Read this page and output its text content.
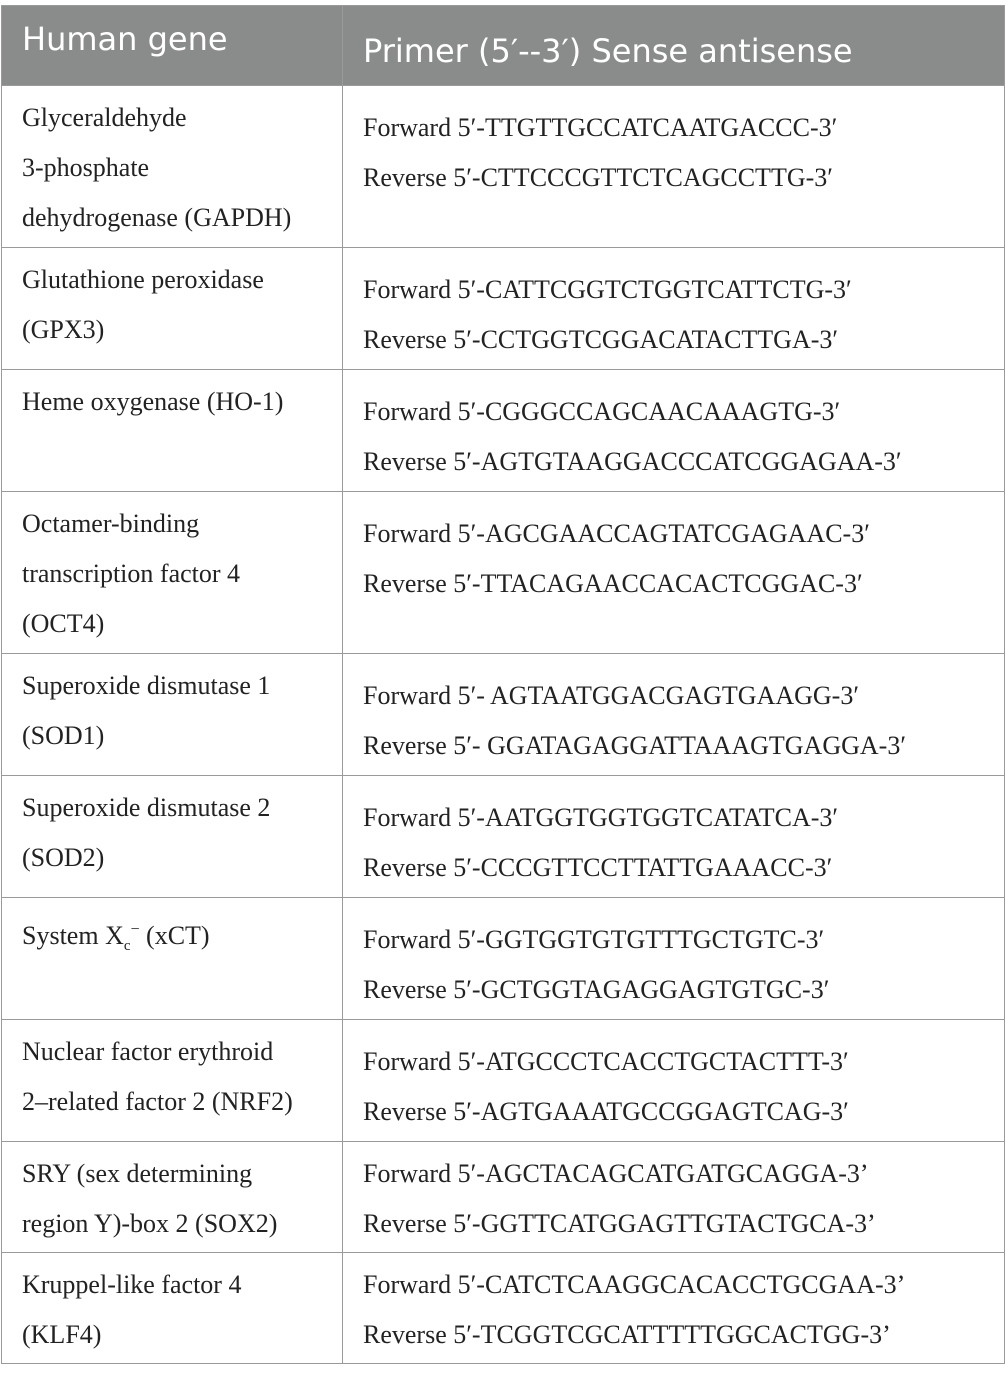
Human gene	Primer (5′--3′) Sense antisense

Glyceraldehyde
3-phosphate
dehydrogenase (GAPDH)	Forward 5′-TTGTTGCCATCAATGACCC-3′
Reverse 5′-CTTCCCGTTCTCAGCCTTG-3′

Glutathione peroxidase
(GPX3)	Forward 5′-CATTCGGTCTGGTCATTCTG-3′
Reverse 5′-CCTGGTCGGACATACTTGA-3′

Heme oxygenase (HO-1)	Forward 5′-CGGGCCAGCAACAAAGTG-3′
Reverse 5′-AGTGTAAGGACCCATCGGAGAA-3′

Octamer-binding
transcription factor 4
(OCT4)	Forward 5′-AGCGAACCAGTATCGAGAAC-3′
Reverse 5′-TTACAGAACCACACTCGGAC-3′

Superoxide dismutase 1
(SOD1)	Forward 5′- AGTAATGGACGAGTGAAGG-3′
Reverse 5′- GGATAGAGGATTAAAGTGAGGA-3′

Superoxide dismutase 2
(SOD2)	Forward 5′-AATGGTGGTGGTCATATCA-3′
Reverse 5′-CCCGTTCCTTATTGAAACC-3′

System $X_c^-$ (xCT)	Forward 5′-GGTGGTGTGTTTGCTGTC-3′
Reverse 5′-GCTGGTAGAGGAGTGTGC-3′

Nuclear factor erythroid
2–related factor 2 (NRF2)	Forward 5′-ATGCCCTCACCTGCTACTTT-3′
Reverse 5′-AGTGAAATGCCGGAGTCAG-3′

SRY (sex determining
region Y)-box 2 (SOX2)	Forward 5′-AGCTACAGCATGATGCAGGA-3’
Reverse 5′-GGTTCATGGAGTTGTACTGCA-3’

Kruppel-like factor 4
(KLF4)	Forward 5′-CATCTCAAGGCACACCTGCGAA-3’
Reverse 5′-TCGGTCGCATTTTTGGCACTGG-3’
